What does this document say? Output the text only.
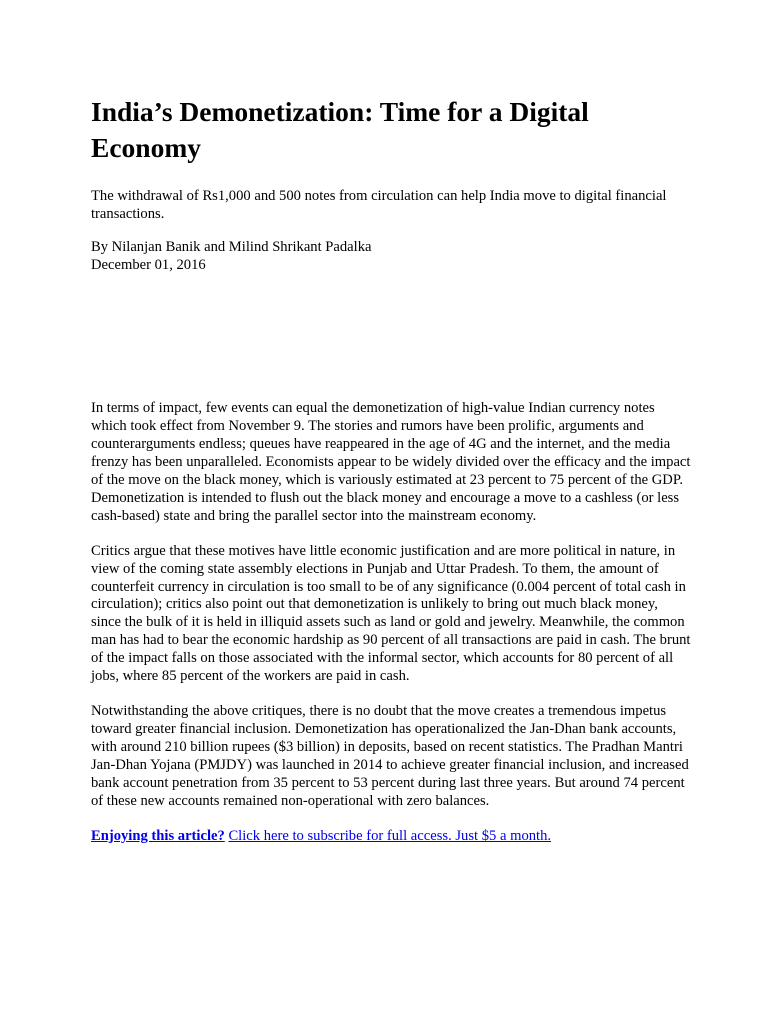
India’s Demonetization: Time for a Digital Economy

The withdrawal of Rs1,000 and 500 notes from circulation can help India move to digital financial transactions.

By Nilanjan Banik and Milind Shrikant Padalka
December 01, 2016

In terms of impact, few events can equal the demonetization of high-value Indian currency notes which took effect from November 9. The stories and rumors have been prolific, arguments and counterarguments endless; queues have reappeared in the age of 4G and the internet, and the media frenzy has been unparalleled. Economists appear to be widely divided over the efficacy and the impact of the move on the black money, which is variously estimated at 23 percent to 75 percent of the GDP. Demonetization is intended to flush out the black money and encourage a move to a cashless (or less cash-based) state and bring the parallel sector into the mainstream economy.

Critics argue that these motives have little economic justification and are more political in nature, in view of the coming state assembly elections in Punjab and Uttar Pradesh. To them, the amount of counterfeit currency in circulation is too small to be of any significance (0.004 percent of total cash in circulation); critics also point out that demonetization is unlikely to bring out much black money, since the bulk of it is held in illiquid assets such as land or gold and jewelry. Meanwhile, the common man has had to bear the economic hardship as 90 percent of all transactions are paid in cash. The brunt of the impact falls on those associated with the informal sector, which accounts for 80 percent of all jobs, where 85 percent of the workers are paid in cash.

Notwithstanding the above critiques, there is no doubt that the move creates a tremendous impetus toward greater financial inclusion. Demonetization has operationalized the Jan-Dhan bank accounts, with around 210 billion rupees ($3 billion) in deposits, based on recent statistics. The Pradhan Mantri Jan-Dhan Yojana (PMJDY) was launched in 2014 to achieve greater financial inclusion, and increased bank account penetration from 35 percent to 53 percent during last three years. But around 74 percent of these new accounts remained non-operational with zero balances.

Enjoying this article? Click here to subscribe for full access. Just $5 a month.
